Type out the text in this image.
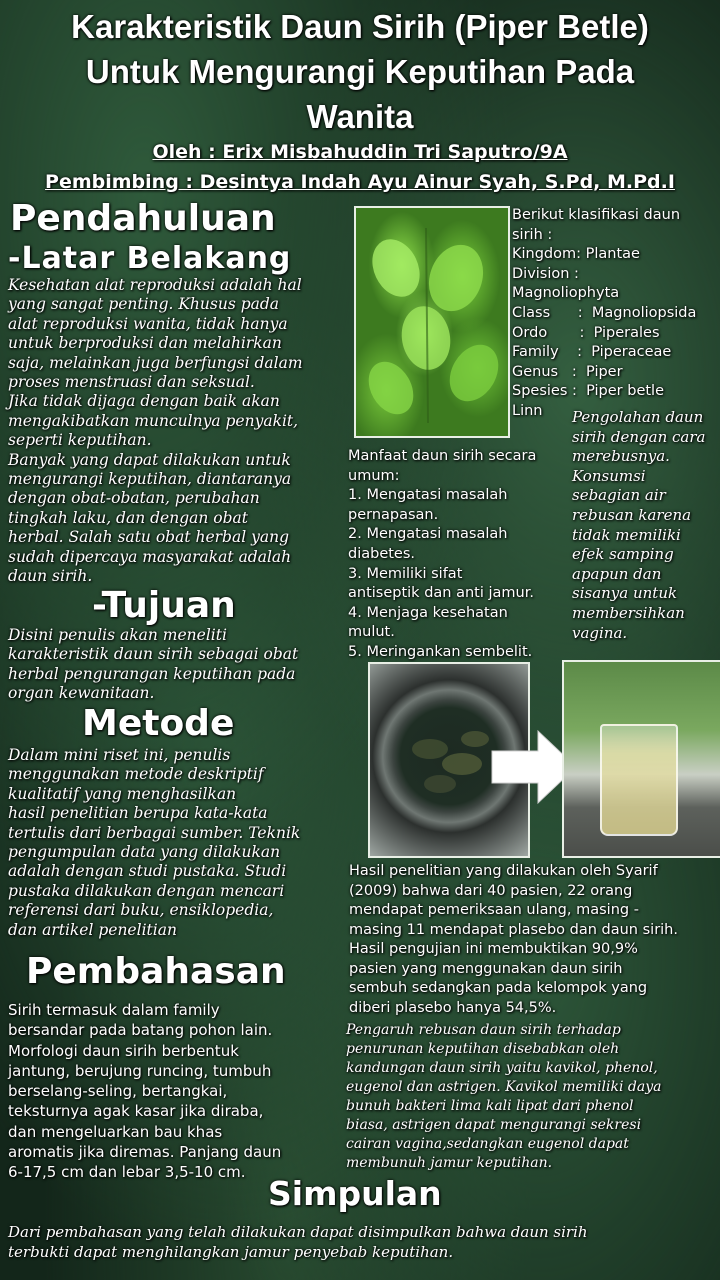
Karakteristik Daun Sirih (Piper Betle)
Untuk Mengurangi Keputihan Pada
Wanita
Oleh : Erix Misbahuddin Tri Saputro/9A
Pembimbing : Desintya Indah Ayu Ainur Syah, S.Pd, M.Pd.I
Pendahuluan
-Latar Belakang
Kesehatan alat reproduksi adalah hal
yang sangat penting. Khusus pada
alat reproduksi wanita, tidak hanya
untuk berproduksi dan melahirkan
saja, melainkan juga berfungsi dalam
proses menstruasi dan seksual.
Jika tidak dijaga dengan baik akan
mengakibatkan munculnya penyakit,
seperti keputihan.
Banyak yang dapat dilakukan untuk
mengurangi keputihan, diantaranya
dengan obat-obatan, perubahan
tingkah laku, dan dengan obat
herbal. Salah satu obat herbal yang
sudah dipercaya masyarakat adalah
daun sirih.
-Tujuan
Disini penulis akan meneliti
karakteristik daun sirih sebagai obat
herbal pengurangan keputihan pada
organ kewanitaan.
Metode
Dalam mini riset ini, penulis
menggunakan metode deskriptif
kualitatif yang menghasilkan
hasil penelitian berupa kata-kata
tertulis dari berbagai sumber. Teknik
pengumpulan data yang dilakukan
adalah dengan studi pustaka. Studi
pustaka dilakukan dengan mencari
referensi dari buku, ensiklopedia,
dan artikel penelitian
Pembahasan
Sirih termasuk dalam family
bersandar pada batang pohon lain.
Morfologi daun sirih berbentuk
jantung, berujung runcing, tumbuh
berselang-seling, bertangkai,
teksturnya agak kasar jika diraba,
dan mengeluarkan bau khas
aromatis jika diremas. Panjang daun
6-17,5 cm dan lebar 3,5-10 cm.
Berikut klasifikasi daun
sirih :
Kingdom: Plantae
Division :
Magnoliophyta
Class      :  Magnoliopsida
Ordo       :  Piperales
Family    :  Piperaceae
Genus   :  Piper
Spesies :  Piper betle
Linn	Pengolahan daun
sirih dengan cara
merebusnya.
Konsumsi
sebagian air
rebusan karena
tidak memiliki
efek samping
apapun dan
sisanya untuk
membersihkan
vagina.
Manfaat daun sirih secara
umum:
1. Mengatasi masalah
pernapasan.
2. Mengatasi masalah
diabetes.
3. Memiliki sifat
antiseptik dan anti jamur.
4. Menjaga kesehatan
mulut.
5. Meringankan sembelit.
Hasil penelitian yang dilakukan oleh Syarif
(2009) bahwa dari 40 pasien, 22 orang
mendapat pemeriksaan ulang, masing -
masing 11 mendapat plasebo dan daun sirih.
Hasil pengujian ini membuktikan 90,9%
pasien yang menggunakan daun sirih
sembuh sedangkan pada kelompok yang
diberi plasebo hanya 54,5%.
Pengaruh rebusan daun sirih terhadap
penurunan keputihan disebabkan oleh
kandungan daun sirih yaitu kavikol, phenol,
eugenol dan astrigen. Kavikol memiliki daya
bunuh bakteri lima kali lipat dari phenol
biasa, astrigen dapat mengurangi sekresi
cairan vagina,sedangkan eugenol dapat
membunuh jamur keputihan.
Simpulan
Dari pembahasan yang telah dilakukan dapat disimpulkan bahwa daun sirih
terbukti dapat menghilangkan jamur penyebab keputihan.
